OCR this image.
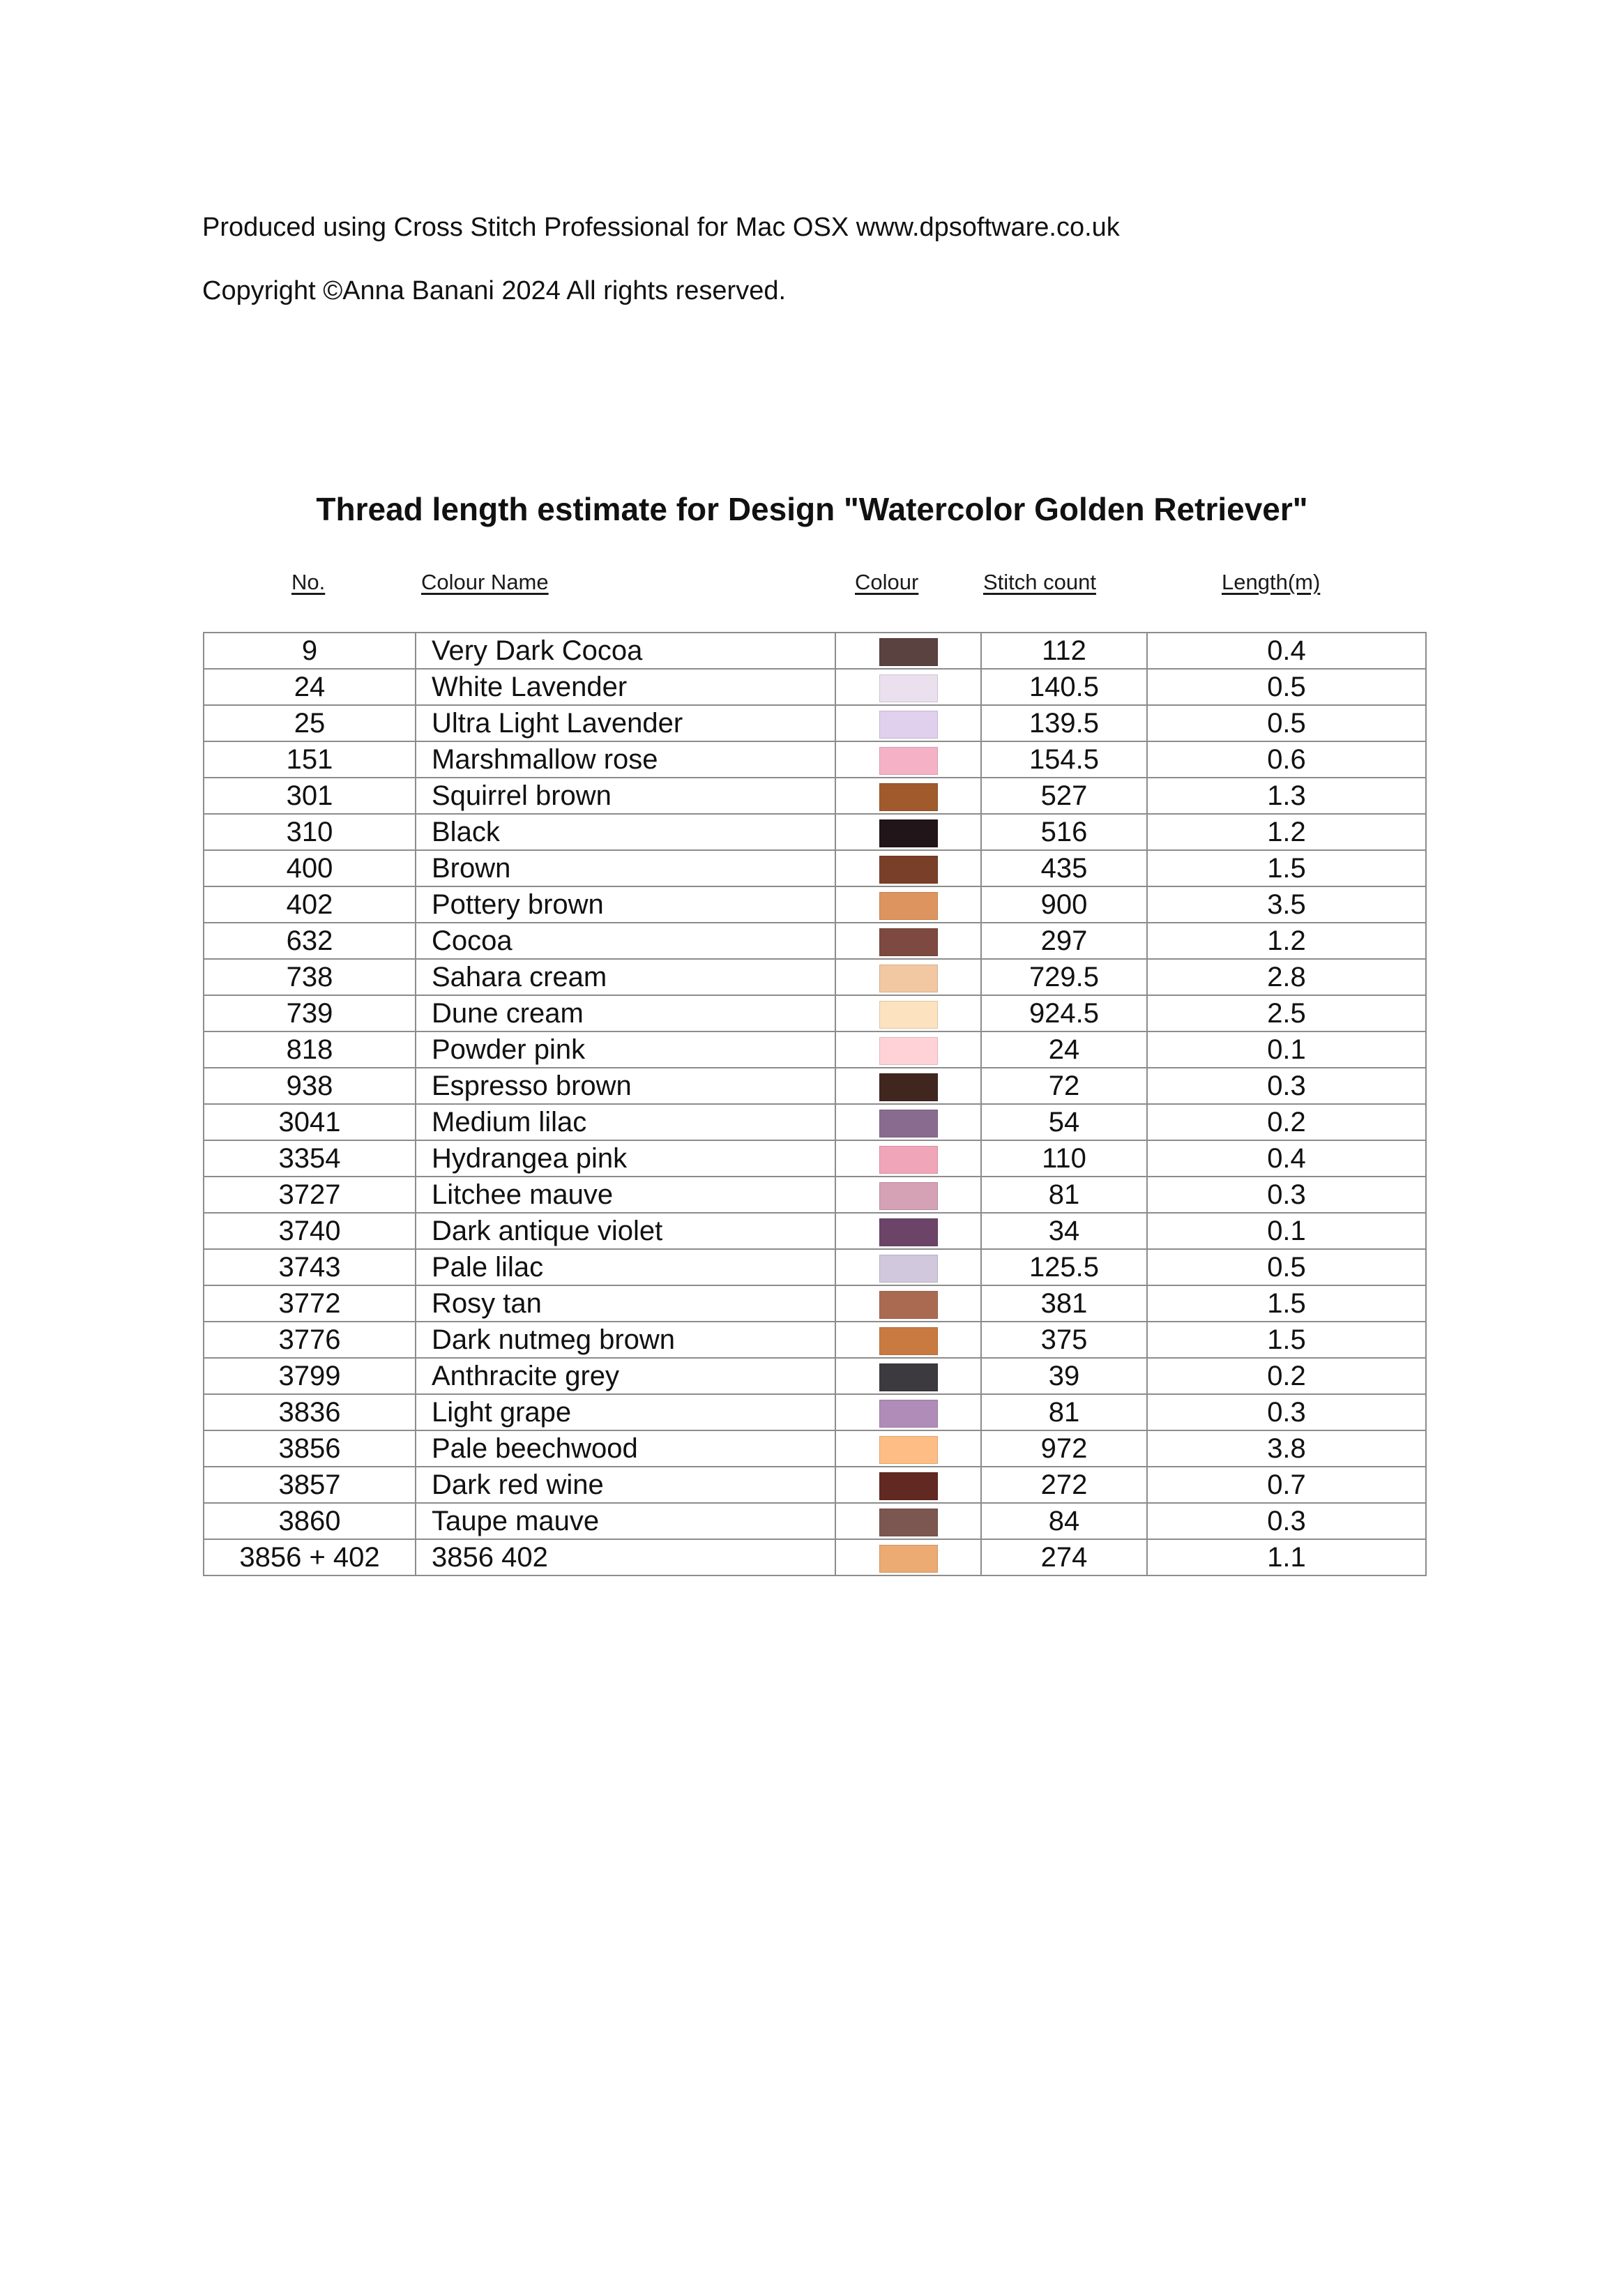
Produced using Cross Stitch Professional for Mac OSX www.dpsoftware.co.uk
Copyright ©Anna Banani 2024 All rights reserved.
Thread length estimate for Design "Watercolor Golden Retriever"
No.	Colour Name	Colour	Stitch count	Length(m)
9	Very Dark Cocoa		112	0.4
24	White Lavender		140.5	0.5
25	Ultra Light Lavender		139.5	0.5
151	Marshmallow rose		154.5	0.6
301	Squirrel brown		527	1.3
310	Black		516	1.2
400	Brown		435	1.5
402	Pottery brown		900	3.5
632	Cocoa		297	1.2
738	Sahara cream		729.5	2.8
739	Dune cream		924.5	2.5
818	Powder pink		24	0.1
938	Espresso brown		72	0.3
3041	Medium lilac		54	0.2
3354	Hydrangea pink		110	0.4
3727	Litchee mauve		81	0.3
3740	Dark antique violet		34	0.1
3743	Pale lilac		125.5	0.5
3772	Rosy tan		381	1.5
3776	Dark nutmeg brown		375	1.5
3799	Anthracite grey		39	0.2
3836	Light grape		81	0.3
3856	Pale beechwood		972	3.8
3857	Dark red wine		272	0.7
3860	Taupe mauve		84	0.3
3856 + 402	3856 402		274	1.1
